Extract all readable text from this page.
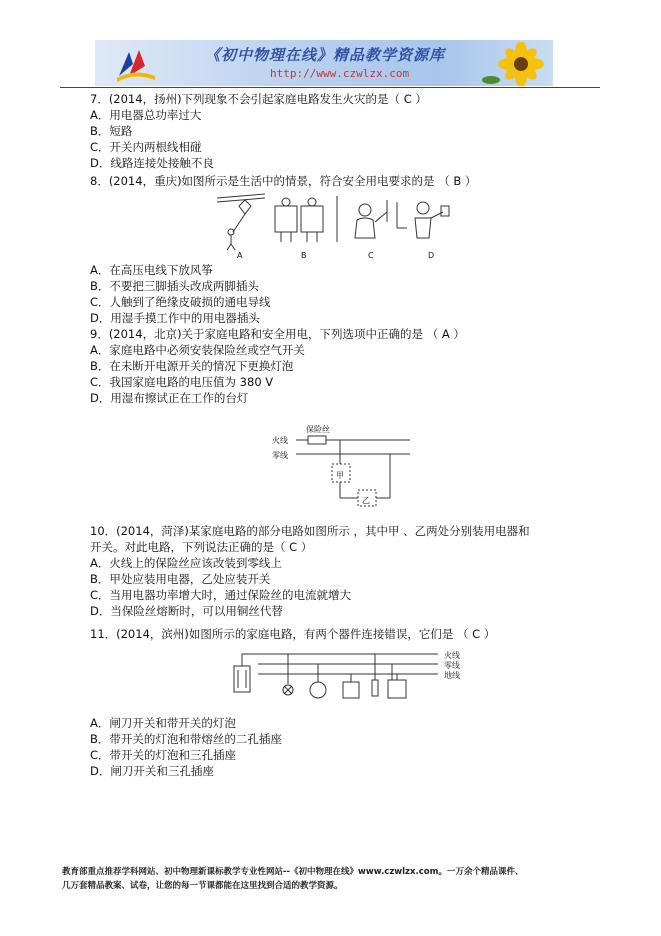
《初中物理在线》精品教学资源库
http://www.czwlzx.com
7．(2014，扬州)下列现象不会引起家庭电路发生火灾的是（ C ）
A．用电器总功率过大
B．短路
C．开关内两根线相碰
D．线路连接处接触不良
8．(2014，重庆)如图所示是生活中的情景，符合安全用电要求的是 （ B ）
A	B	C	D
A．在高压电线下放风筝
B．不要把三脚插头改成两脚插头
C．人触到了绝缘皮破损的通电导线
D．用湿手摸工作中的用电器插头
9．(2014，北京)关于家庭电路和安全用电，下列选项中正确的是 （ A ）
A．家庭电路中必须安装保险丝或空气开关
B．在未断开电源开关的情况下更换灯泡
C．我国家庭电路的电压值为 380 V
D．用湿布擦试正在工作的台灯
火线
零线
保险丝
甲
乙
10．(2014，菏泽)某家庭电路的部分电路如图所示 ，其中甲 、乙两处分别装用电器和
开关。对此电路，下列说法正确的是（ C ）
A．火线上的保险丝应该改装到零线上
B．甲处应装用电器，乙处应装开关
C．当用电器功率增大时，通过保险丝的电流就增大
D．当保险丝熔断时，可以用铜丝代替
11．(2014，滨州)如图所示的家庭电路，有两个器件连接错误，它们是 （ C ）
火线
零线
地线
A．闸刀开关和带开关的灯泡
B．带开关的灯泡和带熔丝的二孔插座
C．带开关的灯泡和三孔插座
D．闸刀开关和三孔插座
教育部重点推荐学科网站、初中物理新课标教学专业性网站--《初中物理在线》www.czwlzx.com。一万余个精品课件、
几万套精品教案、试卷，让您的每一节课都能在这里找到合适的教学资源。
